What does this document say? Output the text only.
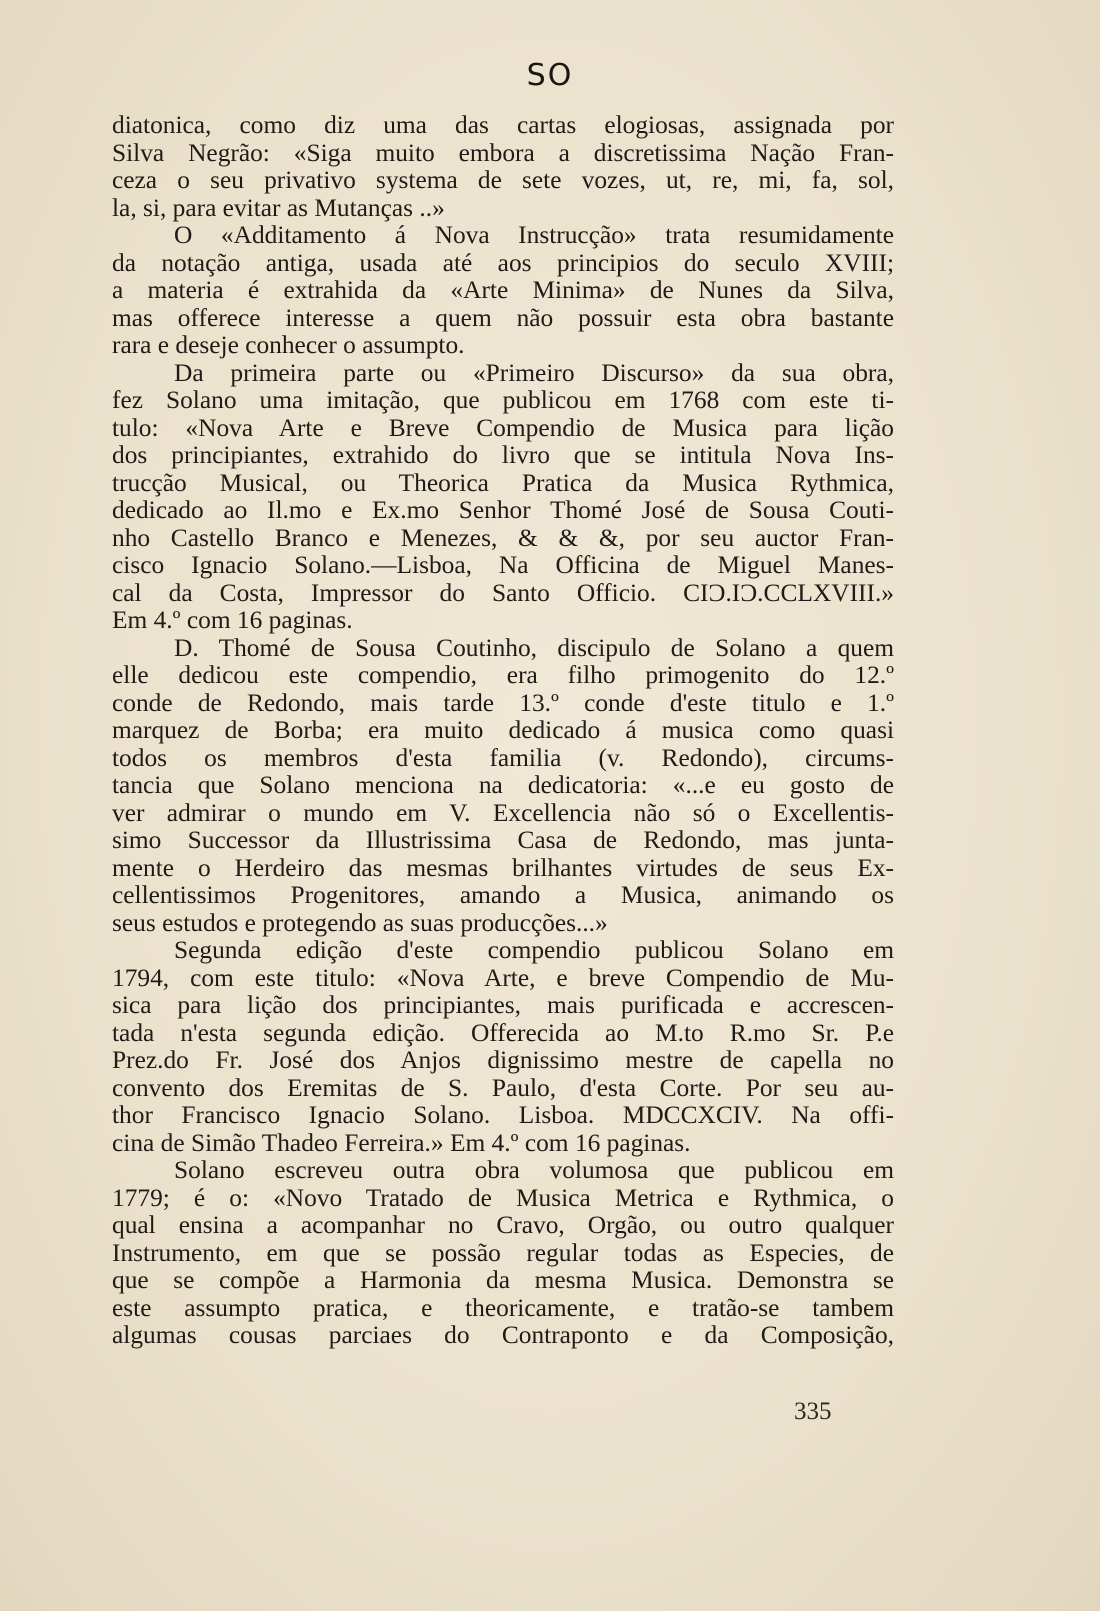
SO
diatonica, como diz uma das cartas elogiosas, assignada por
Silva Negrão: «Siga muito embora a discretissima Nação Fran-
ceza o seu privativo systema de sete vozes, ut, re, mi, fa, sol,
la, si, para evitar as Mutanças ..»
O «Additamento á Nova Instrucção» trata resumidamente
da notação antiga, usada até aos principios do seculo XVIII;
a materia é extrahida da «Arte Minima» de Nunes da Silva,
mas offerece interesse a quem não possuir esta obra bastante
rara e deseje conhecer o assumpto.
Da primeira parte ou «Primeiro Discurso» da sua obra,
fez Solano uma imitação, que publicou em 1768 com este ti-
tulo: «Nova Arte e Breve Compendio de Musica para lição
dos principiantes, extrahido do livro que se intitula Nova Ins-
trucção Musical, ou Theorica Pratica da Musica Rythmica,
dedicado ao Il.mo e Ex.mo Senhor Thomé José de Sousa Couti-
nho Castello Branco e Menezes, & & &, por seu auctor Fran-
cisco Ignacio Solano.—Lisboa, Na Officina de Miguel Manes-
cal da Costa, Impressor do Santo Officio. CIƆ.IƆ.CCLXVIII.»
Em 4.º com 16 paginas.
D. Thomé de Sousa Coutinho, discipulo de Solano a quem
elle dedicou este compendio, era filho primogenito do 12.º
conde de Redondo, mais tarde 13.º conde d'este titulo e 1.º
marquez de Borba; era muito dedicado á musica como quasi
todos os membros d'esta familia (v. Redondo), circums-
tancia que Solano menciona na dedicatoria: «...e eu gosto de
ver admirar o mundo em V. Excellencia não só o Excellentis-
simo Successor da Illustrissima Casa de Redondo, mas junta-
mente o Herdeiro das mesmas brilhantes virtudes de seus Ex-
cellentissimos Progenitores, amando a Musica, animando os
seus estudos e protegendo as suas producções...»
Segunda edição d'este compendio publicou Solano em
1794, com este titulo: «Nova Arte, e breve Compendio de Mu-
sica para lição dos principiantes, mais purificada e accrescen-
tada n'esta segunda edição. Offerecida ao M.to R.mo Sr. P.e
Prez.do Fr. José dos Anjos dignissimo mestre de capella no
convento dos Eremitas de S. Paulo, d'esta Corte. Por seu au-
thor Francisco Ignacio Solano. Lisboa. MDCCXCIV. Na offi-
cina de Simão Thadeo Ferreira.» Em 4.º com 16 paginas.
Solano escreveu outra obra volumosa que publicou em
1779; é o: «Novo Tratado de Musica Metrica e Rythmica, o
qual ensina a acompanhar no Cravo, Orgão, ou outro qualquer
Instrumento, em que se possão regular todas as Especies, de
que se compõe a Harmonia da mesma Musica. Demonstra se
este assumpto pratica, e theoricamente, e tratão-se tambem
algumas cousas parciaes do Contraponto e da Composição,
335
